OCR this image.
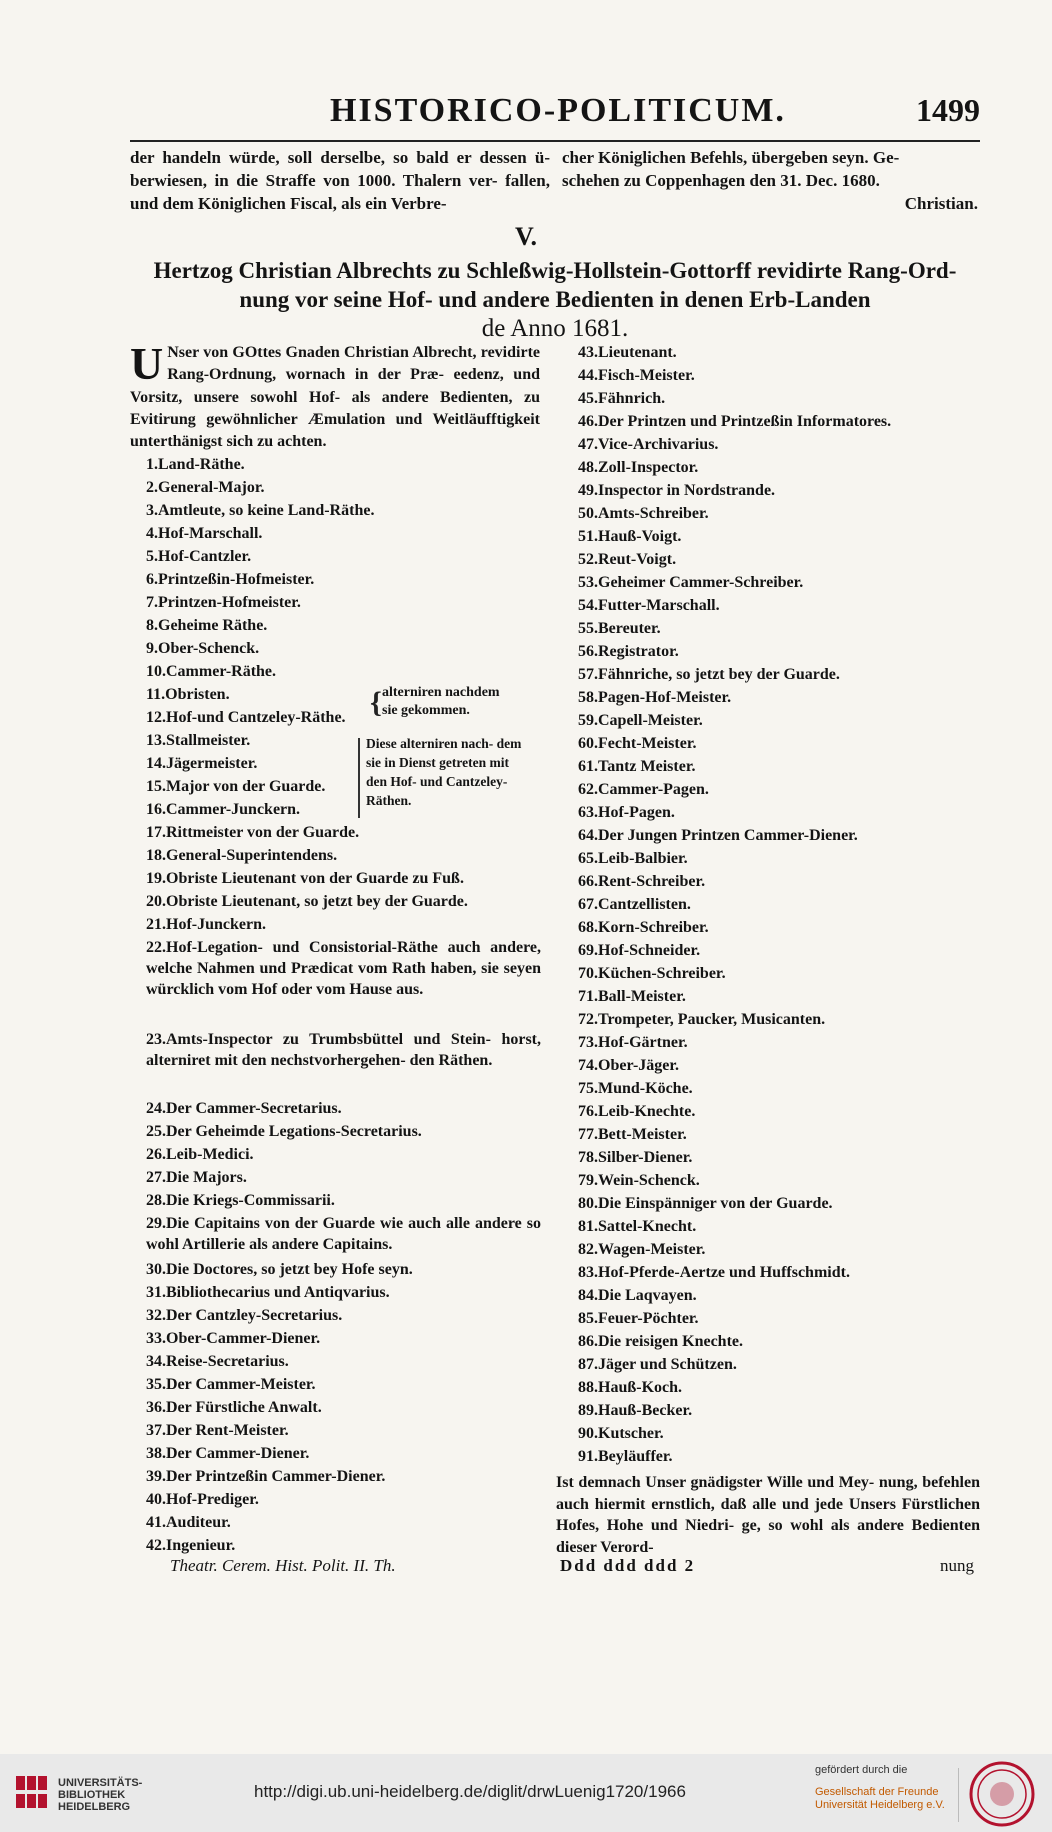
HISTORICO-POLITICUM.	1499
der handeln würde, soll derselbe, so bald er dessen ü- berwiesen, in die Straffe von 1000. Thalern ver- fallen, und dem Königlichen Fiscal, als ein Verbre-
cher Königlichen Befehls, übergeben seyn. Ge-
schehen zu Coppenhagen den 31. Dec. 1680.
Christian.
V.
Hertzog Christian Albrechts zu Schleßwig-Hollstein-Gottorff revidirte Rang-Ord-
nung vor seine Hof- und andere Bedienten in denen Erb-Landen
de Anno 1681.
U Nser von GOttes Gnaden Christian Albrecht, revidirte Rang-Ordnung, wornach in der Præ- eedenz, und Vorsitz, unsere sowohl Hof- als andere Bedienten, zu Evitirung gewöhnlicher Æmulation und Weitläufftigkeit unterthänigst sich zu achten.
1.Land-Räthe.
2.General-Major.
3.Amtleute, so keine Land-Räthe.
4.Hof-Marschall.
5.Hof-Cantzler.
6.Printzeßin-Hofmeister.
7.Printzen-Hofmeister.
8.Geheime Räthe.
9.Ober-Schenck.
10.Cammer-Räthe.
11.Obristen.
12.Hof-und Cantzeley-Räthe.
13.Stallmeister.
14.Jägermeister.
15.Major von der Guarde.
16.Cammer-Junckern.
17.Rittmeister von der Guarde.
18.General-Superintendens.
19.Obriste Lieutenant von der Guarde zu Fuß.
20.Obriste Lieutenant, so jetzt bey der Guarde.
21.Hof-Junckern.
22.Hof-Legation- und Consistorial-Räthe auch andere, welche Nahmen und Prædicat vom Rath haben, sie seyen würcklich vom Hof oder vom Hause aus.
23.Amts-Inspector zu Trumbsbüttel und Stein- horst, alterniret mit den nechstvorhergehen- den Räthen.
24.Der Cammer-Secretarius.
25.Der Geheimde Legations-Secretarius.
26.Leib-Medici.
27.Die Majors.
28.Die Kriegs-Commissarii.
29.Die Capitains von der Guarde wie auch alle andere so wohl Artillerie als andere Capitains.
30.Die Doctores, so jetzt bey Hofe seyn.
31.Bibliothecarius und Antiqvarius.
32.Der Cantzley-Secretarius.
33.Ober-Cammer-Diener.
34.Reise-Secretarius.
35.Der Cammer-Meister.
36.Der Fürstliche Anwalt.
37.Der Rent-Meister.
38.Der Cammer-Diener.
39.Der Printzeßin Cammer-Diener.
40.Hof-Prediger.
41.Auditeur.
42.Ingenieur.
43.Lieutenant.
44.Fisch-Meister.
45.Fähnrich.
46.Der Printzen und Printzeßin Informatores.
47.Vice-Archivarius.
48.Zoll-Inspector.
49.Inspector in Nordstrande.
50.Amts-Schreiber.
51.Hauß-Voigt.
52.Reut-Voigt.
53.Geheimer Cammer-Schreiber.
54.Futter-Marschall.
55.Bereuter.
56.Registrator.
57.Fähnriche, so jetzt bey der Guarde.
58.Pagen-Hof-Meister.
59.Capell-Meister.
60.Fecht-Meister.
61.Tantz Meister.
62.Cammer-Pagen.
63.Hof-Pagen.
64.Der Jungen Printzen Cammer-Diener.
65.Leib-Balbier.
66.Rent-Schreiber.
67.Cantzellisten.
68.Korn-Schreiber.
69.Hof-Schneider.
70.Küchen-Schreiber.
71.Ball-Meister.
72.Trompeter, Paucker, Musicanten.
73.Hof-Gärtner.
74.Ober-Jäger.
75.Mund-Köche.
76.Leib-Knechte.
77.Bett-Meister.
78.Silber-Diener.
79.Wein-Schenck.
80.Die Einspänniger von der Guarde.
81.Sattel-Knecht.
82.Wagen-Meister.
83.Hof-Pferde-Aertze und Huffschmidt.
84.Die Laqvayen.
85.Feuer-Pöchter.
86.Die reisigen Knechte.
87.Jäger und Schützen.
88.Hauß-Koch.
89.Hauß-Becker.
90.Kutscher.
91.Beyläuffer.
{ alterniren nachdem sie gekommen.
Diese alterniren nach- dem sie in Dienst getreten mit den Hof- und Cantzeley- Räthen.
Ist demnach Unser gnädigster Wille und Mey- nung, befehlen auch hiermit ernstlich, daß alle und jede Unsers Fürstlichen Hofes, Hohe und Niedri- ge, so wohl als andere Bedienten dieser Verord-
Theatr. Cerem. Hist. Polit. II. Th.	Ddd ddd ddd 2	nung
UNIVERSITÄTS-
BIBLIOTHEK
HEIDELBERG
http://digi.ub.uni-heidelberg.de/diglit/drwLuenig1720/1966
gefördert durch die
Gesellschaft der Freunde
Universität Heidelberg e.V.
